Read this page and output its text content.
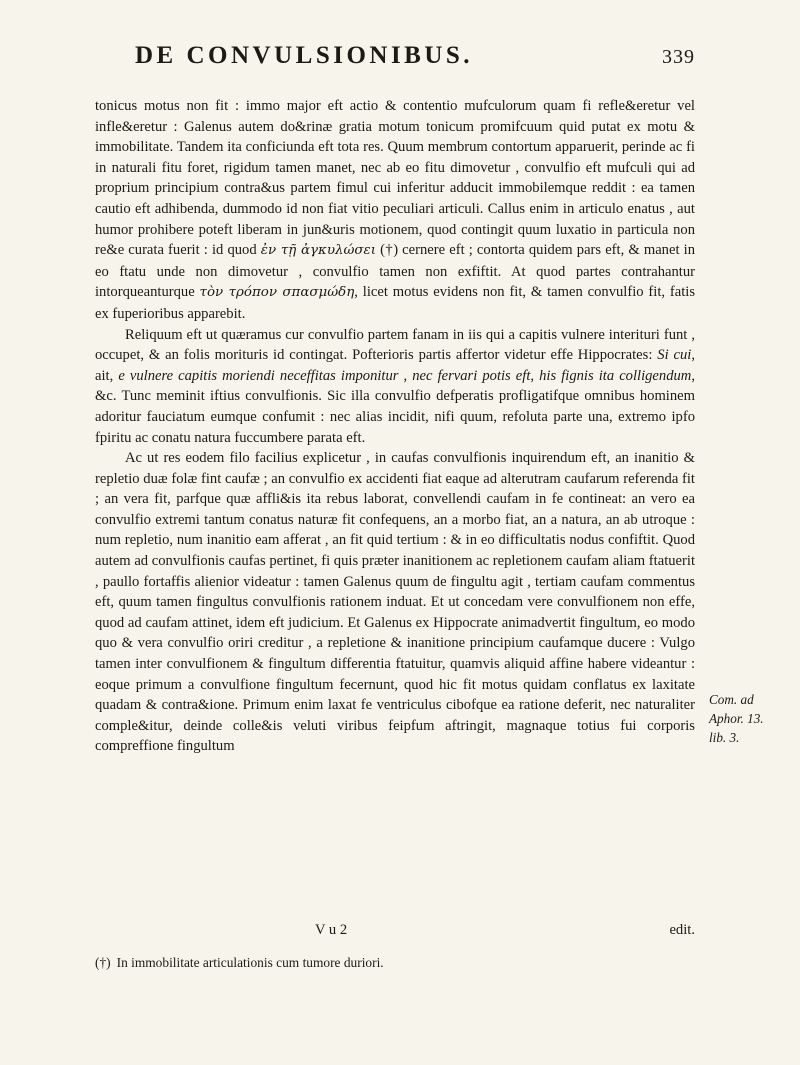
DE CONVULSIONIBUS.	339

tonicus motus non fit : immo major eft actio & contentio mufculorum quam fi refle&eretur vel infle&eretur : Galenus autem do&rinæ gratia motum tonicum promifcuum quid putat ex motu & immobilitate. Tandem ita conficiunda eft tota res. Quum membrum contortum apparuerit, perinde ac fi in naturali fitu foret, rigidum tamen manet, nec ab eo fitu dimovetur , convulfio eft mufculi qui ad proprium principium contra&us partem fimul cui inferitur adducit immobilemque reddit : ea tamen cautio eft adhibenda, dummodo id non fiat vitio peculiari articuli. Callus enim in articulo enatus , aut humor prohibere poteft liberam in jun&uris motionem, quod contingit quum luxatio in particula non re&e curata fuerit : id quod ἐν τῇ ἀγκυλώσει (†) cernere eft ; contorta quidem pars eft, & manet in eo ftatu unde non dimovetur , convulfio tamen non exfiftit. At quod partes contrahantur intorqueanturque τὸν τρόπον σπασμώδη, licet motus evidens non fit, & tamen convulfio fit, fatis ex fuperioribus apparebit.

Reliquum eft ut quæramus cur convulfio partem fanam in iis qui a capitis vulnere interituri funt , occupet, & an folis morituris id contingat. Pofterioris partis affertor videtur effe Hippocrates: Si cui, ait, e vulnere capitis moriendi neceffitas imponitur , nec fervari potis eft, his fignis ita colligendum, &c. Tunc meminit iftius convulfionis. Sic illa convulfio defperatis profligatifque omnibus hominem adoritur fauciatum eumque confumit : nec alias incidit, nifi quum, refoluta parte una, extremo ipfo fpiritu ac conatu natura fuccumbere parata eft.

Ac ut res eodem filo facilius explicetur , in caufas convulfionis inquirendum eft, an inanitio & repletio duæ folæ fint caufæ ; an convulfio ex accidenti fiat eaque ad alterutram caufarum referenda fit ; an vera fit, parfque quæ affli&is ita rebus laborat, convellendi caufam in fe contineat: an vero ea convulfio extremi tantum conatus naturæ fit confequens, an a morbo fiat, an a natura, an ab utroque : num repletio, num inanitio eam afferat , an fit quid tertium : & in eo difficultatis nodus confiftit. Quod autem ad convulfionis caufas pertinet, fi quis præter inanitionem ac repletionem caufam aliam ftatuerit , paullo fortaffis alienior videatur : tamen Galenus quum de fingultu agit , tertiam caufam commentus eft, quum tamen fingultus convulfionis rationem induat. Et ut concedam vere convulfionem non effe, quod ad caufam attinet, idem eft judicium. Et Galenus ex Hippocrate animadvertit fingultum, eo modo quo & vera convulfio oriri creditur , a repletione & inanitione principium caufamque ducere : Vulgo tamen inter convulfionem & fingultum differentia ftatuitur, quamvis aliquid affine habere videantur : eoque primum a convulfione fingultum fecernunt, quod hic fit motus quidam conflatus ex laxitate quadam & contra&ione. Primum enim laxat fe ventriculus cibofque ea ratione deferit, nec naturaliter comple&itur, deinde colle&is veluti viribus feipfum aftringit, magnaque totius fui corporis compreffione fingultum

Com. ad
Aphor. 13.
lib. 3.
V u 2	edit.
(†) In immobilitate articulationis cum tumore duriori.
